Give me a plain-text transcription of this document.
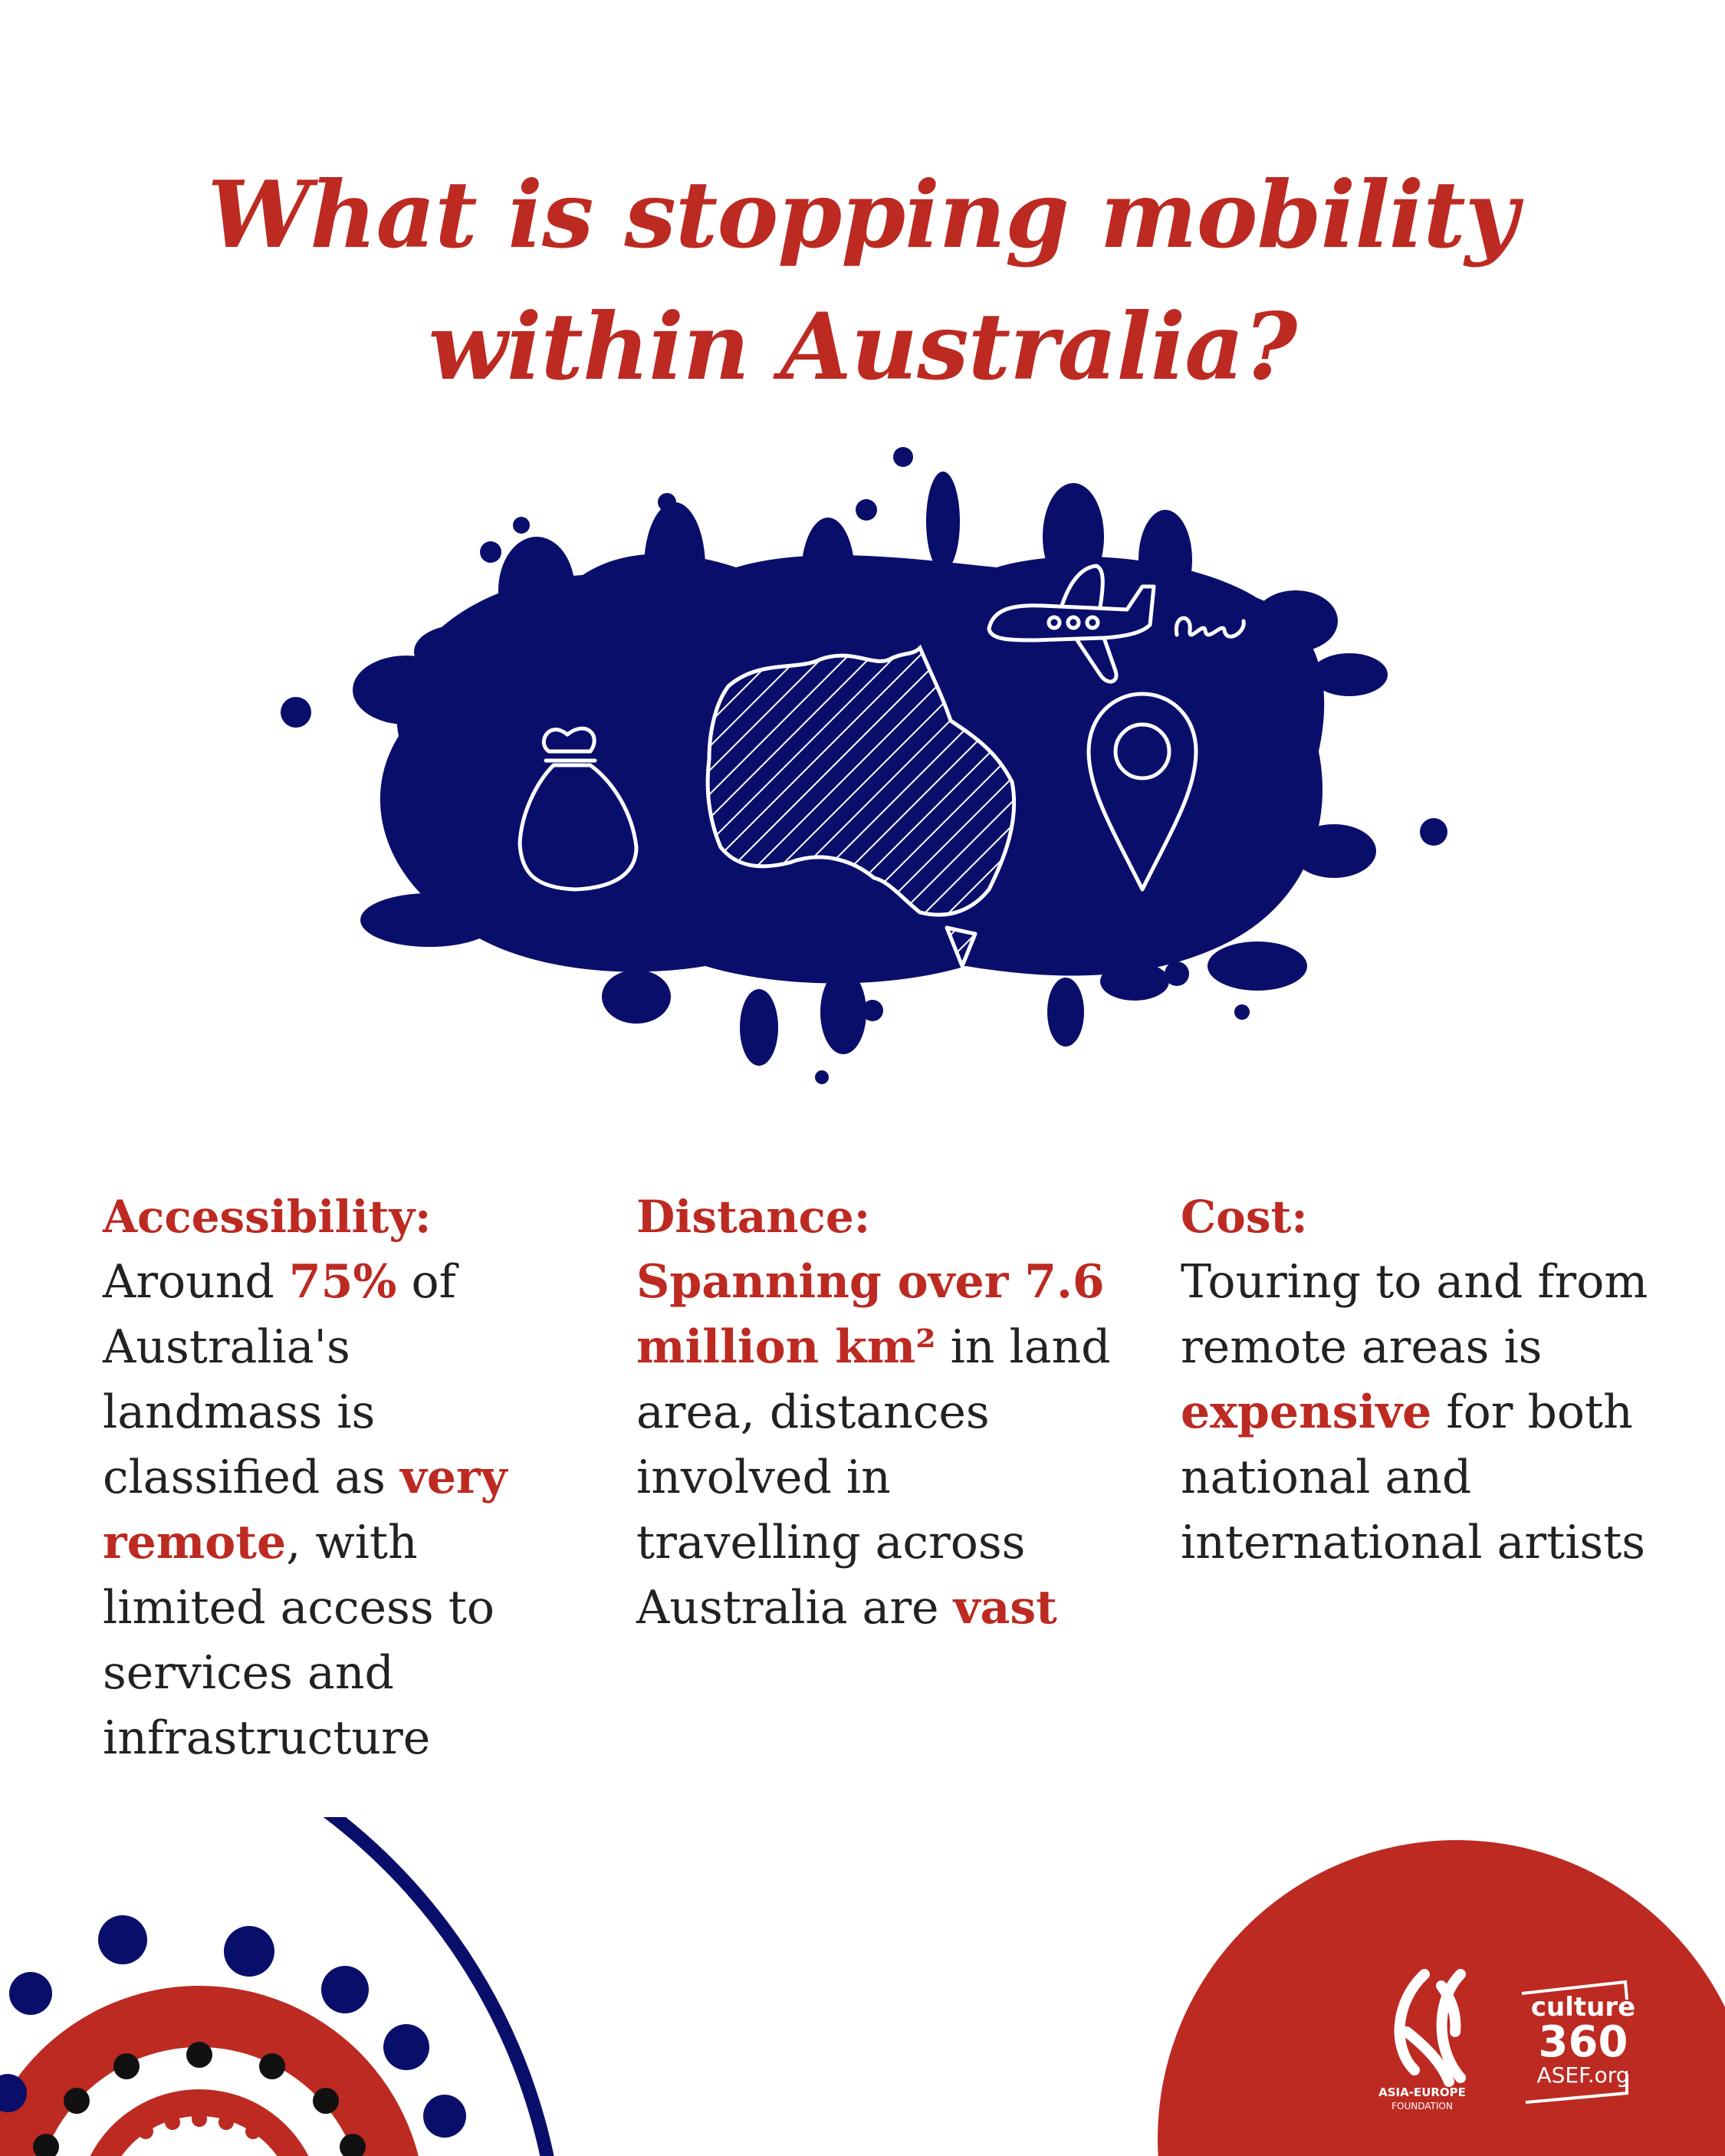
What is stopping mobility
within Australia?
Accessibility:
Around 75% of Australia's landmass is classified as very remote, with limited access to services and infrastructure
Distance:
Spanning over 7.6 million km² in land area, distances involved in travelling across Australia are vast
Cost:
Touring to and from remote areas is expensive for both national and international artists
ASIA-EUROPE
FOUNDATION
culture
360
ASEF.org
